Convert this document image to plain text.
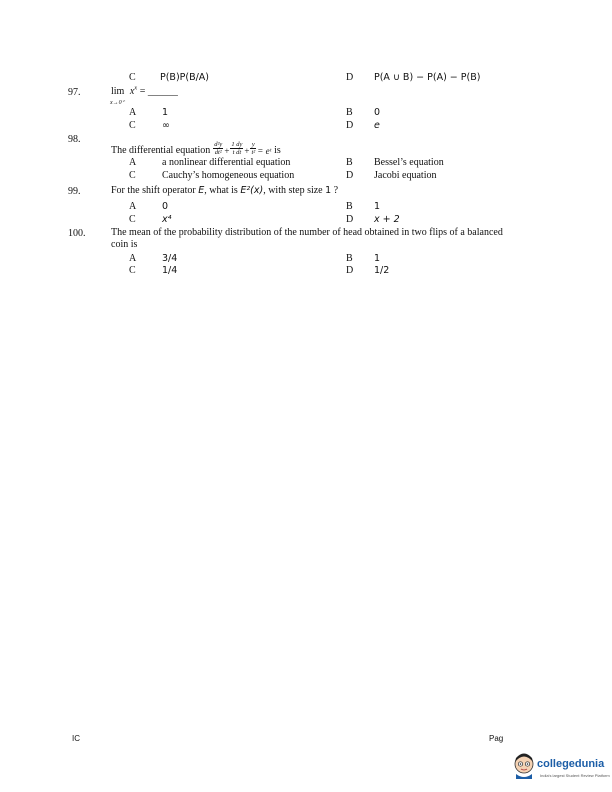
C	P(B)P(B/A)	D P(A ∪ B) − P(A) − P(B)
97.	$\lim x^x$ = ______
x→0⁺
A	1	B 0
C	∞	D e
98.
The differential equation $\frac{\text{d²y}}{\text{dt²}} + \frac{1 dy}{\text{t dt}} + \frac{y}{\text{t²}}$ = eᵗ is
A	a nonlinear differential equation	B Bessel’s equation
C	Cauchy’s homogeneous equation	D Jacobi equation
99.	For the shift operator E, what is E²(x), with step size 1 ?
A	0	B 1
C	x⁴	D x + 2
100.	The mean of the probability distribution of the number of head obtained in two flips of a balanced
coin is
A	3/4	B 1
C	1/4	D 1/2
IC	Pag
collegedunia
India's largest Student Review Platform
